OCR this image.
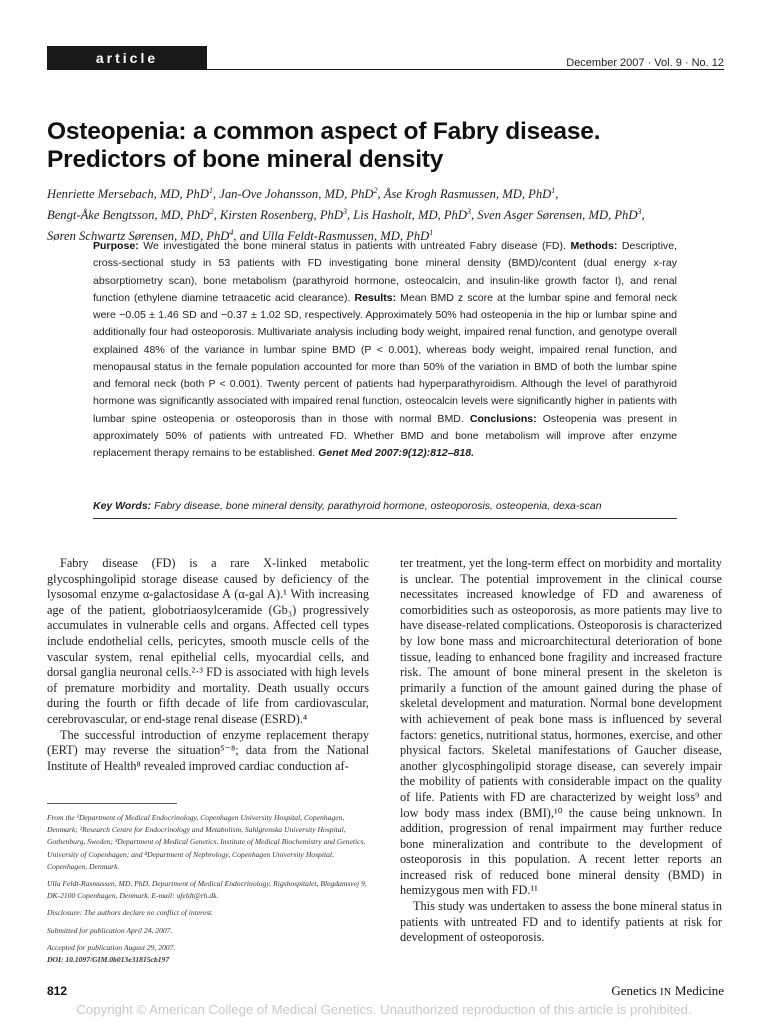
article	December 2007 · Vol. 9 · No. 12
Osteopenia: a common aspect of Fabry disease.
Predictors of bone mineral density
Henriette Mersebach, MD, PhD$^1$, Jan-Ove Johansson, MD, PhD$^2$, Åse Krogh Rasmussen, MD, PhD$^1$,
Bengt-Åke Bengtsson, MD, PhD$^2$, Kirsten Rosenberg, PhD$^3$, Lis Hasholt, MD, PhD$^3$, Sven Asger Sørensen, MD, PhD$^3$,
Søren Schwartz Sørensen, MD, PhD$^4$, and Ulla Feldt-Rasmussen, MD, PhD$^1$
Purpose: We investigated the bone mineral status in patients with untreated Fabry disease (FD). Methods: Descriptive, cross-sectional study in 53 patients with FD investigating bone mineral density (BMD)/content (dual energy x-ray absorptiometry scan), bone metabolism (parathyroid hormone, osteocalcin, and insulin-like growth factor I), and renal function (ethylene diamine tetraacetic acid clearance). Results: Mean BMD z score at the lumbar spine and femoral neck were −0.05 ± 1.46 SD and −0.37 ± 1.02 SD, respectively. Approximately 50% had osteopenia in the hip or lumbar spine and additionally four had osteoporosis. Multivariate analysis including body weight, impaired renal function, and genotype overall explained 48% of the variance in lumbar spine BMD (P < 0.001), whereas body weight, impaired renal function, and menopausal status in the female population accounted for more than 50% of the variation in BMD of both the lumbar spine and femoral neck (both P < 0.001). Twenty percent of patients had hyperparathyroidism. Although the level of parathyroid hormone was significantly associated with impaired renal function, osteocalcin levels were significantly higher in patients with lumbar spine osteopenia or osteoporosis than in those with normal BMD. Conclusions: Osteopenia was present in approximately 50% of patients with untreated FD. Whether BMD and bone metabolism will improve after enzyme replacement therapy remains to be established. Genet Med 2007:9(12):812–818.
Key Words: Fabry disease, bone mineral density, parathyroid hormone, osteoporosis, osteopenia, dexa-scan

Fabry disease (FD) is a rare X-linked metabolic glycosphingolipid storage disease caused by deficiency of the lysosomal enzyme α-galactosidase A (α-gal A).¹ With increasing age of the patient, globotriaosylceramide (Gb₃) progressively accumulates in vulnerable cells and organs. Affected cell types include endothelial cells, pericytes, smooth muscle cells of the vascular system, renal epithelial cells, myocardial cells, and dorsal ganglia neuronal cells.²·³ FD is associated with high levels of premature morbidity and mortality. Death usually occurs during the fourth or fifth decade of life from cardiovascular, cerebrovascular, or end-stage renal disease (ESRD).⁴

The successful introduction of enzyme replacement therapy (ERT) may reverse the situation⁵⁻⁸; data from the National Institute of Health⁸ revealed improved cardiac conduction af-

ter treatment, yet the long-term effect on morbidity and mortality is unclear. The potential improvement in the clinical course necessitates increased knowledge of FD and awareness of comorbidities such as osteoporosis, as more patients may live to have disease-related complications. Osteoporosis is characterized by low bone mass and microarchitectural deterioration of bone tissue, leading to enhanced bone fragility and increased fracture risk. The amount of bone mineral present in the skeleton is primarily a function of the amount gained during the phase of skeletal development and maturation. Normal bone development with achievement of peak bone mass is influenced by several factors: genetics, nutritional status, hormones, exercise, and other physical factors. Skeletal manifestations of Gaucher disease, another glycosphingolipid storage disease, can severely impair the mobility of patients with considerable impact on the quality of life. Patients with FD are characterized by weight loss⁹ and low body mass index (BMI),¹⁰ the cause being unknown. In addition, progression of renal impairment may further reduce bone mineralization and contribute to the development of osteoporosis in this population. A recent letter reports an increased risk of reduced bone mineral density (BMD) in hemizygous men with FD.¹¹

This study was undertaken to assess the bone mineral status in patients with untreated FD and to identify patients at risk for development of osteoporosis.

From the ¹Department of Medical Endocrinology, Copenhagen University Hospital, Copenhagen, Denmark; ²Research Centre for Endocrinology and Metabolism, Sahlgrenska University Hospital, Gothenburg, Sweden; ³Department of Medical Genetics, Institute of Medical Biochemistry and Genetics, University of Copenhagen; and ⁴Department of Nephrology, Copenhagen University Hospital, Copenhagen, Denmark.

Ulla Feldt-Rasmussen, MD, PhD, Department of Medical Endocrinology, Rigshospitalet, Blegdamsvej 9, DK-2100 Copenhagen, Denmark. E-mail: ufeldt@rh.dk.

Disclosure: The authors declare no conflict of interest.

Submitted for publication April 24, 2007.

Accepted for publication August 29, 2007.

DOI: 10.1097/GIM.0b013e31815cb197

812	Genetics IN Medicine
Copyright © American College of Medical Genetics. Unauthorized reproduction of this article is prohibited.
